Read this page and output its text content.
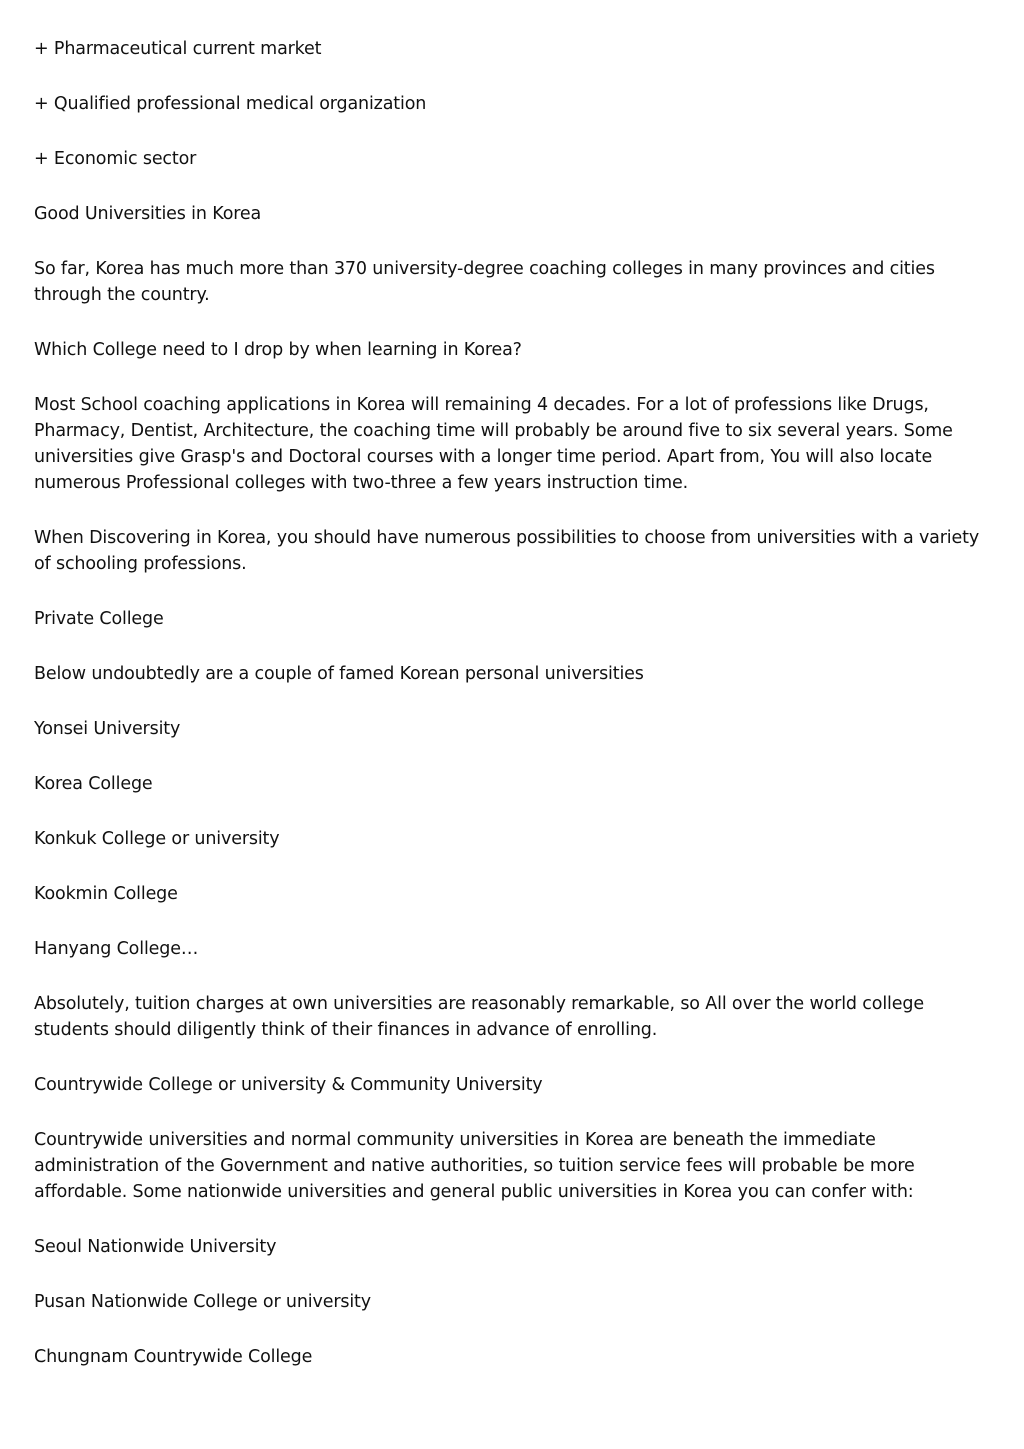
+ Pharmaceutical current market

+ Qualified professional medical organization

+ Economic sector

Good Universities in Korea

So far, Korea has much more than 370 university-degree coaching colleges in many provinces and cities through the country.

Which College need to I drop by when learning in Korea?

Most School coaching applications in Korea will remaining 4 decades. For a lot of professions like Drugs, Pharmacy, Dentist, Architecture, the coaching time will probably be around five to six several years. Some universities give Grasp's and Doctoral courses with a longer time period. Apart from, You will also locate numerous Professional colleges with two-three a few years instruction time.

When Discovering in Korea, you should have numerous possibilities to choose from universities with a variety of schooling professions.

Private College

Below undoubtedly are a couple of famed Korean personal universities

Yonsei University

Korea College

Konkuk College or university

Kookmin College

Hanyang College…

Absolutely, tuition charges at own universities are reasonably remarkable, so All over the world college students should diligently think of their finances in advance of enrolling.

Countrywide College or university & Community University

Countrywide universities and normal community universities in Korea are beneath the immediate administration of the Government and native authorities, so tuition service fees will probable be more affordable. Some nationwide universities and general public universities in Korea you can confer with:

Seoul Nationwide University

Pusan Nationwide College or university

Chungnam Countrywide College
